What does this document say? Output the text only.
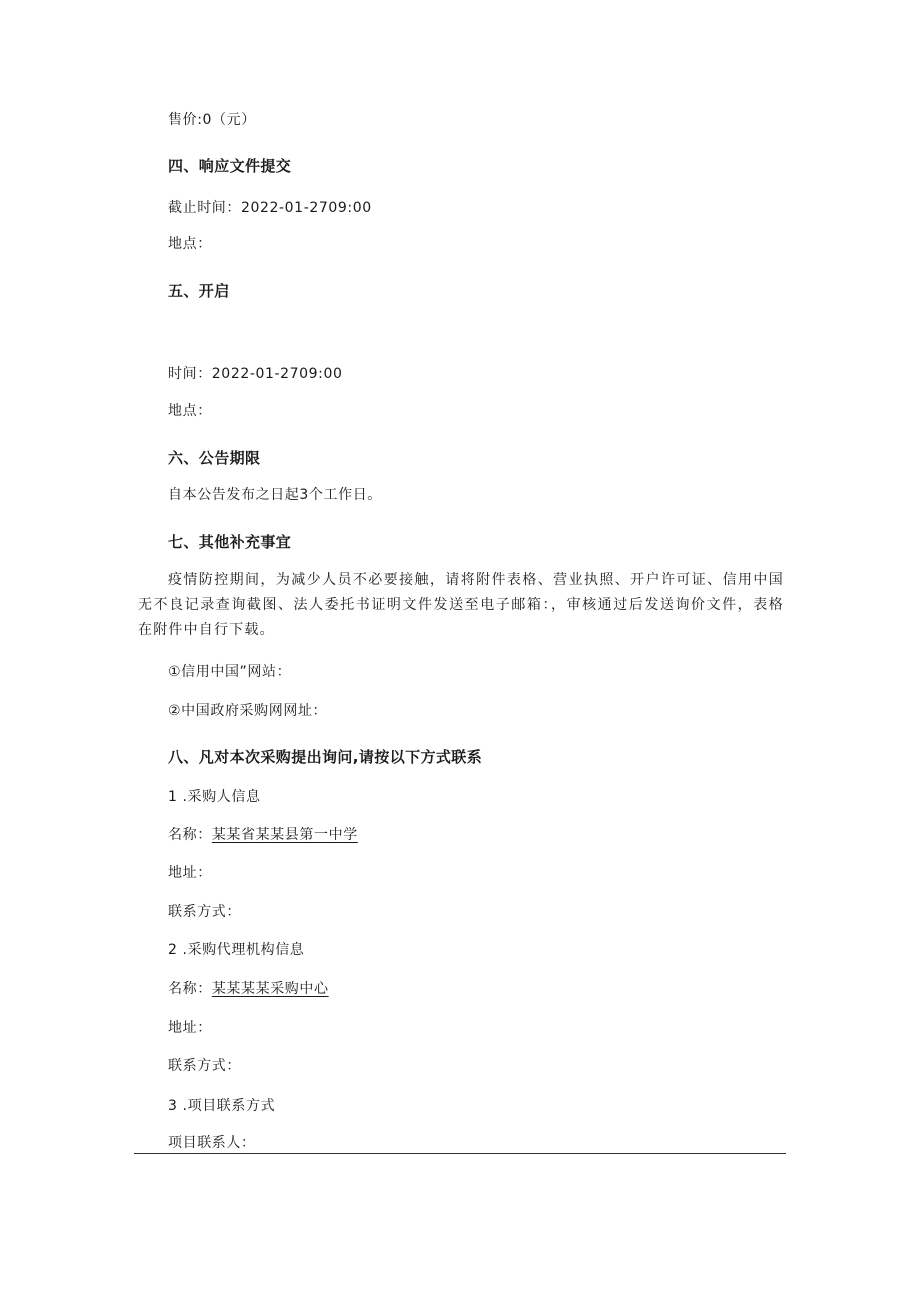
售价:0（元）
四、响应文件提交
截止时间：2022-01-2709:00
地点：
五、开启
时间：2022-01-2709:00
地点：
六、公告期限
自本公告发布之日起3个工作日。
七、其他补充事宜
疫情防控期间，为减少人员不必要接触，请将附件表格、营业执照、开户许可证、信用中国无不良记录查询截图、法人委托书证明文件发送至电子邮箱：，审核通过后发送询价文件，表格在附件中自行下载。
①信用中国”网站：
②中国政府采购网网址：
八、凡对本次采购提出询问,请按以下方式联系
1 .采购人信息
名称：某某省某某县第一中学
地址：
联系方式：
2 .采购代理机构信息
名称：某某某某采购中心
地址：
联系方式：
3 .项目联系方式
项目联系人：
